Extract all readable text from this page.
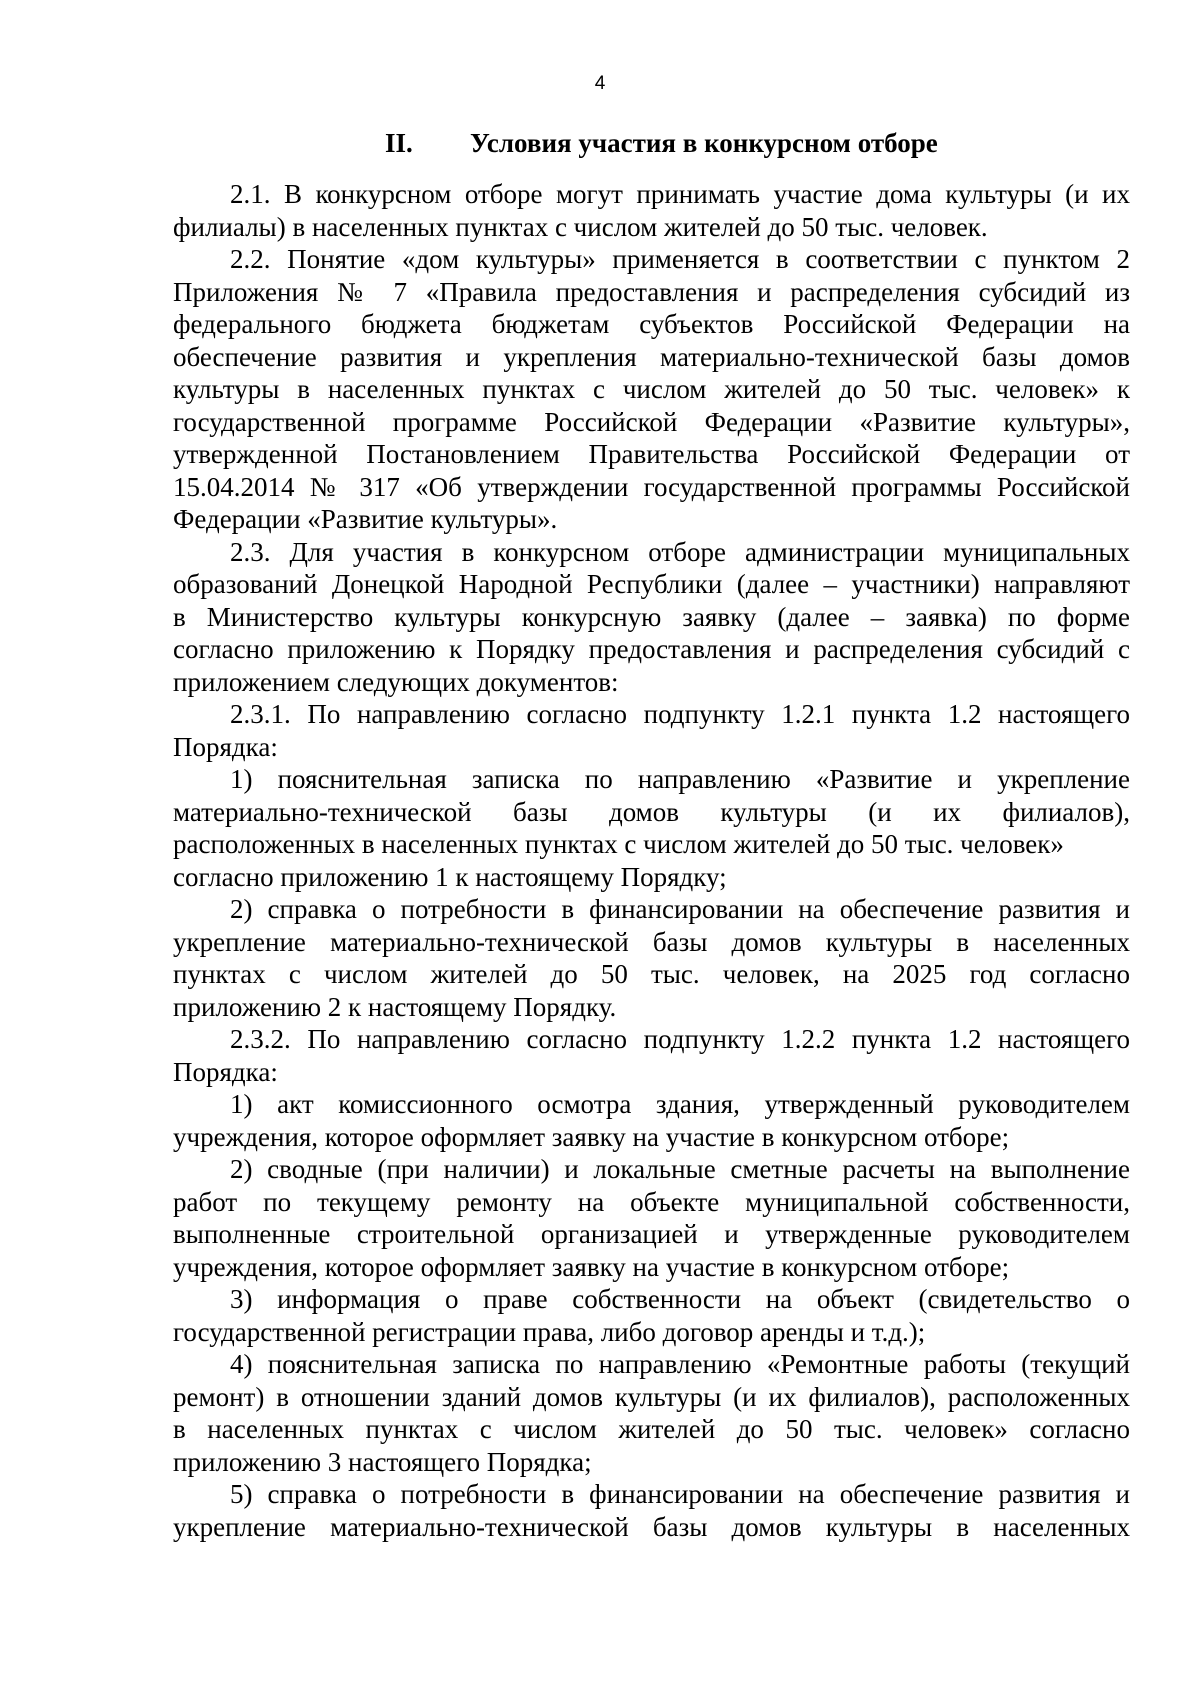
4
II. Условия участия в конкурсном отборе
2.1. В конкурсном отборе могут принимать участие дома культуры (и их
филиалы) в населенных пунктах с числом жителей до 50 тыс. человек.
2.2. Понятие «дом культуры» применяется в соответствии с пунктом 2
Приложения № 7 «Правила предоставления и распределения субсидий из
федерального бюджета бюджетам субъектов Российской Федерации на
обеспечение развития и укрепления материально-технической базы домов
культуры в населенных пунктах с числом жителей до 50 тыс. человек» к
государственной программе Российской Федерации «Развитие культуры»,
утвержденной Постановлением Правительства Российской Федерации от
15.04.2014 № 317 «Об утверждении государственной программы Российской
Федерации «Развитие культуры».
2.3. Для участия в конкурсном отборе администрации муниципальных
образований Донецкой Народной Республики (далее – участники) направляют
в Министерство культуры конкурсную заявку (далее – заявка) по форме
согласно приложению к Порядку предоставления и распределения субсидий с
приложением следующих документов:
2.3.1. По направлению согласно подпункту 1.2.1 пункта 1.2 настоящего
Порядка:
1) пояснительная записка по направлению «Развитие и укрепление
материально-технической базы домов культуры (и их филиалов),
расположенных в населенных пунктах с числом жителей до 50 тыс. человек»
согласно приложению 1 к настоящему Порядку;
2) справка о потребности в финансировании на обеспечение развития и
укрепление материально-технической базы домов культуры в населенных
пунктах с числом жителей до 50 тыс. человек, на 2025 год согласно
приложению 2 к настоящему Порядку.
2.3.2. По направлению согласно подпункту 1.2.2 пункта 1.2 настоящего
Порядка:
1) акт комиссионного осмотра здания, утвержденный руководителем
учреждения, которое оформляет заявку на участие в конкурсном отборе;
2) сводные (при наличии) и локальные сметные расчеты на выполнение
работ по текущему ремонту на объекте муниципальной собственности,
выполненные строительной организацией и утвержденные руководителем
учреждения, которое оформляет заявку на участие в конкурсном отборе;
3) информация о праве собственности на объект (свидетельство о
государственной регистрации права, либо договор аренды и т.д.);
4) пояснительная записка по направлению «Ремонтные работы (текущий
ремонт) в отношении зданий домов культуры (и их филиалов), расположенных
в населенных пунктах с числом жителей до 50 тыс. человек» согласно
приложению 3 настоящего Порядка;
5) справка о потребности в финансировании на обеспечение развития и
укрепление материально-технической базы домов культуры в населенных
